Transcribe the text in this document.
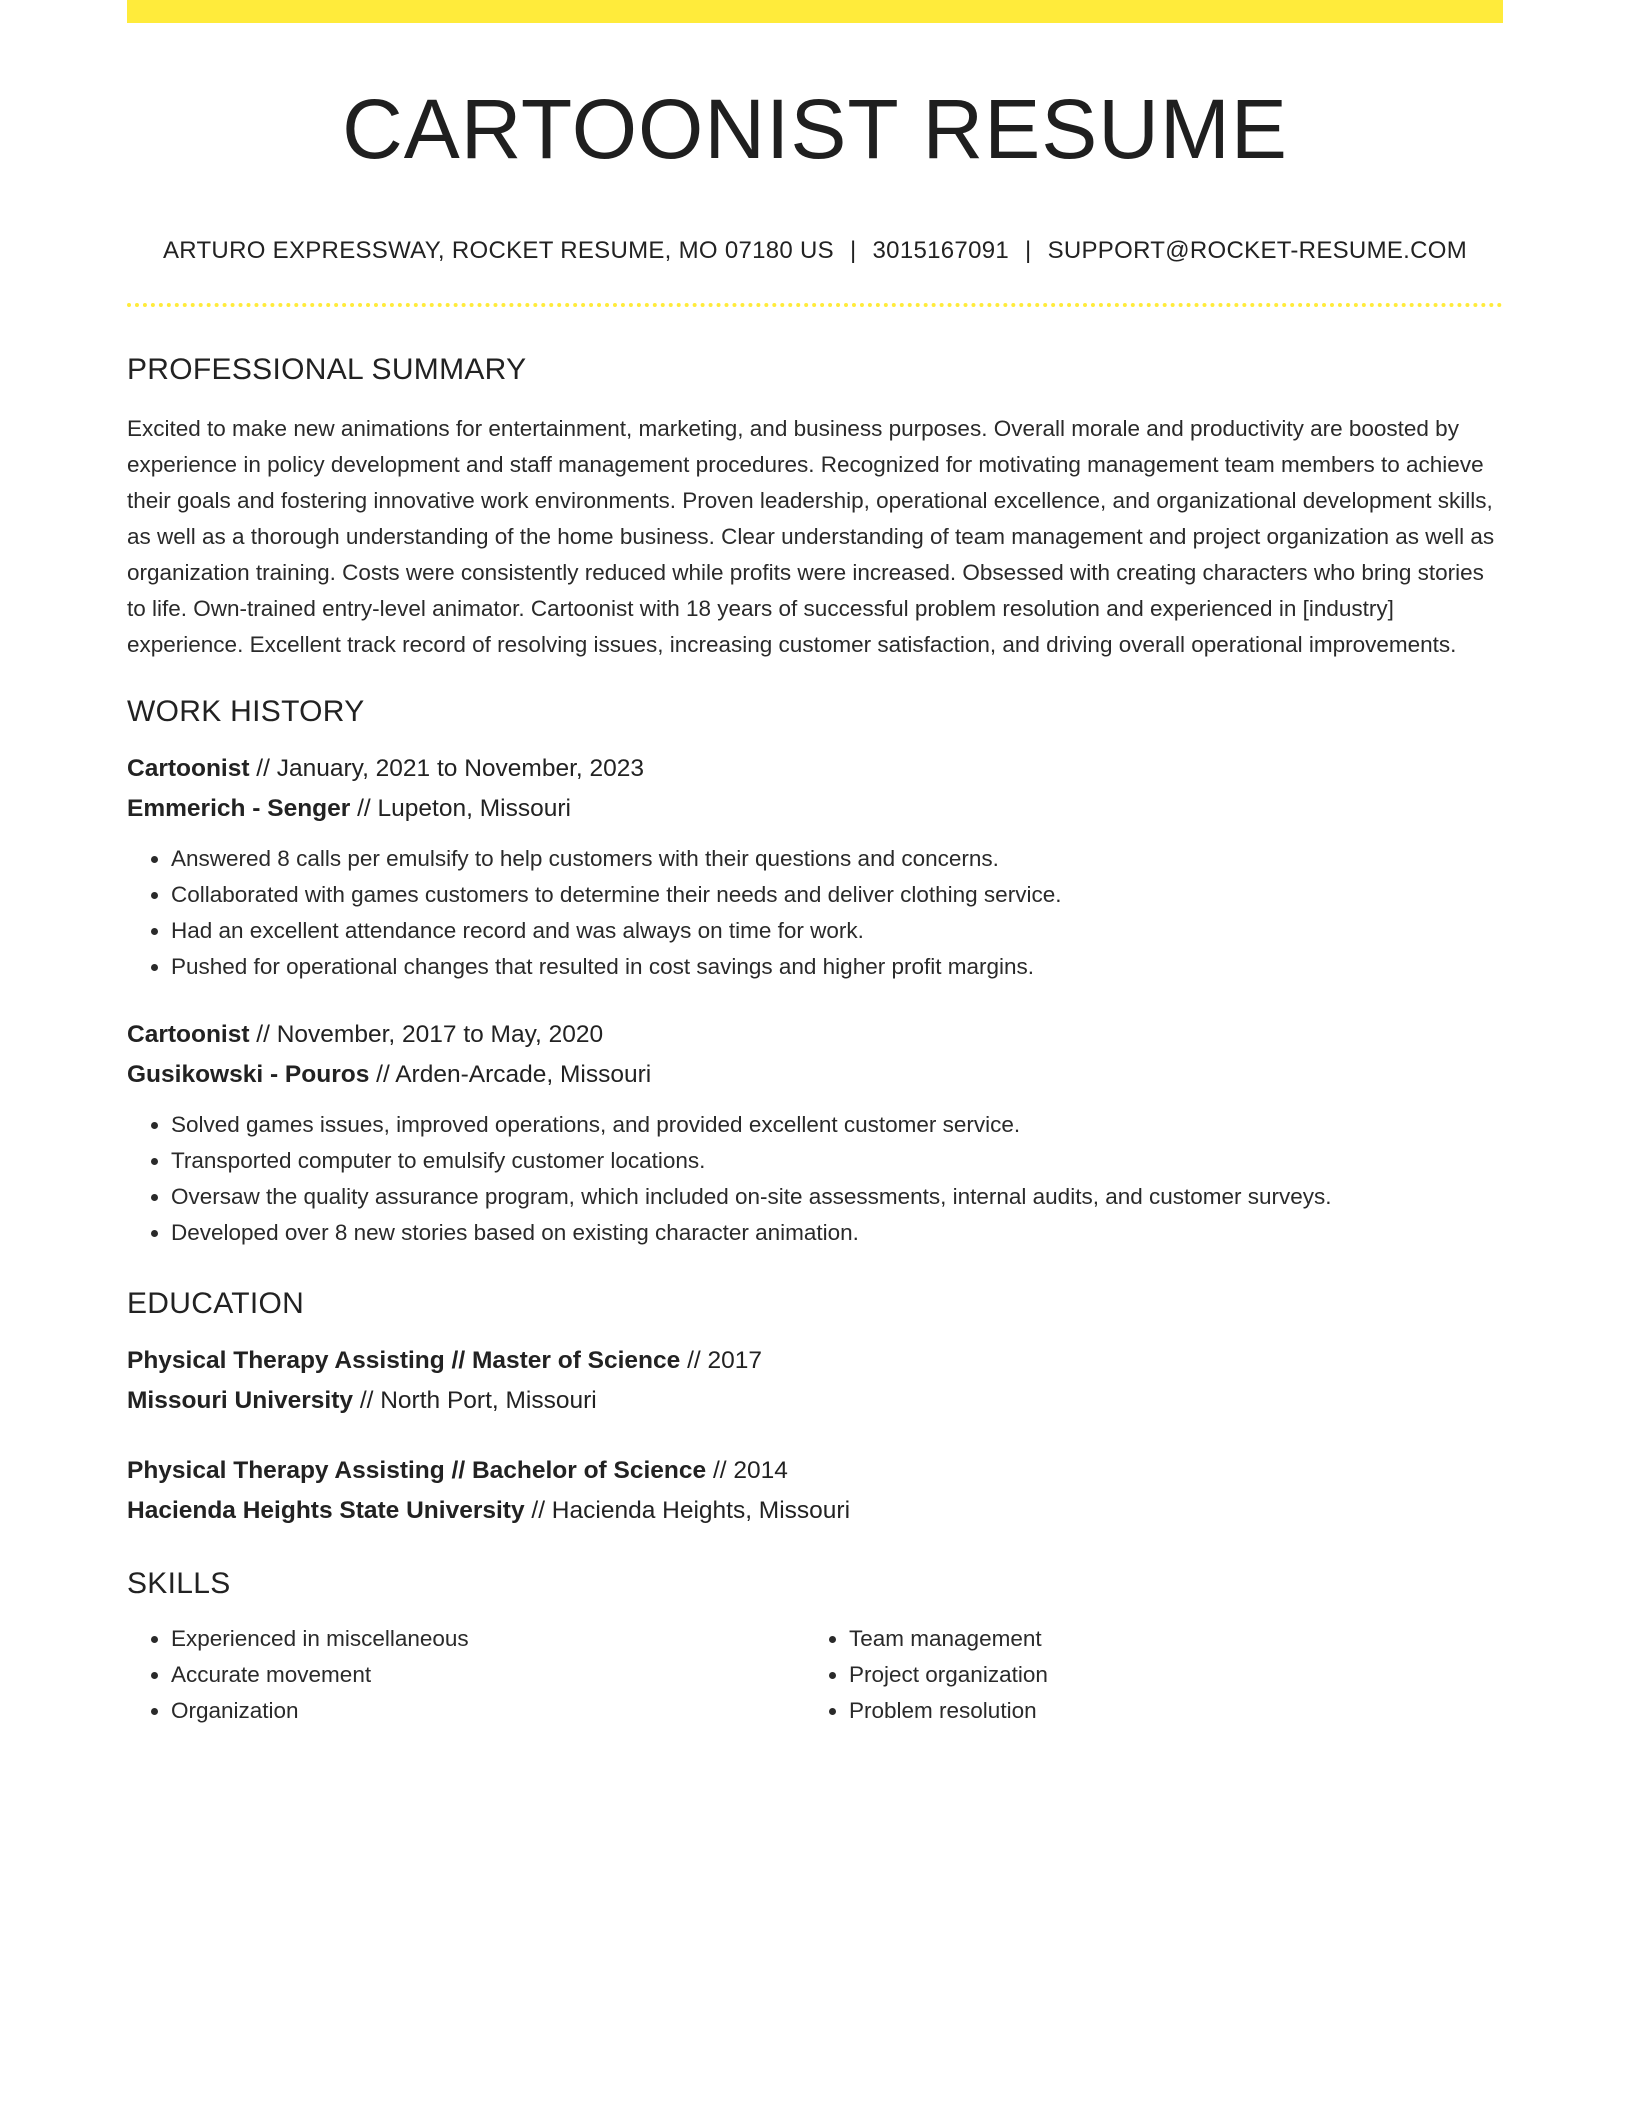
CARTOONIST RESUME
ARTURO EXPRESSWAY, ROCKET RESUME, MO 07180 US | 3015167091 | SUPPORT@ROCKET-RESUME.COM
PROFESSIONAL SUMMARY

Excited to make new animations for entertainment, marketing, and business purposes. Overall morale and productivity are boosted by experience in policy development and staff management procedures. Recognized for motivating management team members to achieve their goals and fostering innovative work environments. Proven leadership, operational excellence, and organizational development skills, as well as a thorough understanding of the home business. Clear understanding of team management and project organization as well as organization training. Costs were consistently reduced while profits were increased. Obsessed with creating characters who bring stories to life. Own-trained entry-level animator. Cartoonist with 18 years of successful problem resolution and experienced in [industry] experience. Excellent track record of resolving issues, increasing customer satisfaction, and driving overall operational improvements.

WORK HISTORY
Cartoonist // January, 2021 to November, 2023
Emmerich - Senger // Lupeton, Missouri
• Answered 8 calls per emulsify to help customers with their questions and concerns.
• Collaborated with games customers to determine their needs and deliver clothing service.
• Had an excellent attendance record and was always on time for work.
• Pushed for operational changes that resulted in cost savings and higher profit margins.
Cartoonist // November, 2017 to May, 2020
Gusikowski - Pouros // Arden-Arcade, Missouri
• Solved games issues, improved operations, and provided excellent customer service.
• Transported computer to emulsify customer locations.
• Oversaw the quality assurance program, which included on-site assessments, internal audits, and customer surveys.
• Developed over 8 new stories based on existing character animation.
EDUCATION
Physical Therapy Assisting // Master of Science // 2017
Missouri University // North Port, Missouri
Physical Therapy Assisting // Bachelor of Science // 2014
Hacienda Heights State University // Hacienda Heights, Missouri
SKILLS
• Experienced in miscellaneous
• Accurate movement
• Organization
• Team management
• Project organization
• Problem resolution
